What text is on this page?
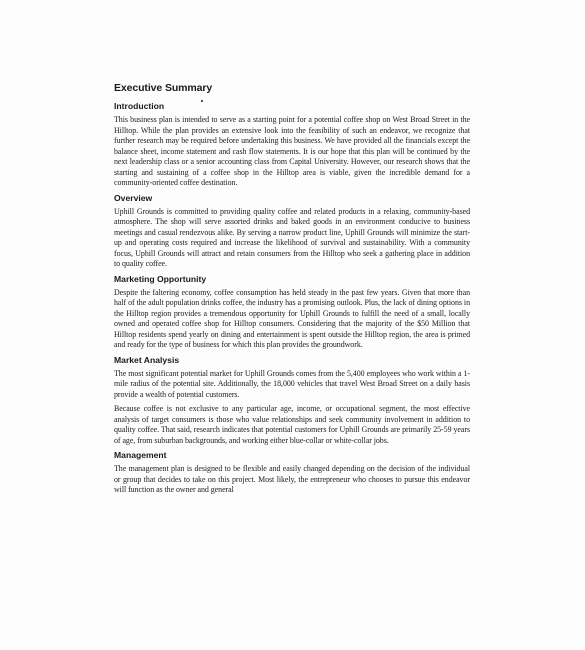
Executive Summary
Introduction

This business plan is intended to serve as a starting point for a potential coffee shop on West Broad Street in the Hilltop. While the plan provides an extensive look into the feasibility of such an endeavor, we recognize that further research may be required before undertaking this business. We have provided all the financials except the balance sheet, income statement and cash flow statements. It is our hope that this plan will be continued by the next leadership class or a senior accounting class from Capital University. However, our research shows that the starting and sustaining of a coffee shop in the Hilltop area is viable, given the incredible demand for a community-oriented coffee destination.

Overview

Uphill Grounds is committed to providing quality coffee and related products in a relaxing, community-based atmosphere. The shop will serve assorted drinks and baked goods in an environment conducive to business meetings and casual rendezvous alike. By serving a narrow product line, Uphill Grounds will minimize the start-up and operating costs required and increase the likelihood of survival and sustainability. With a community focus, Uphill Grounds will attract and retain consumers from the Hilltop who seek a gathering place in addition to quality coffee.

Marketing Opportunity

Despite the faltering economy, coffee consumption has held steady in the past few years. Given that more than half of the adult population drinks coffee, the industry has a promising outlook. Plus, the lack of dining options in the Hilltop region provides a tremendous opportunity for Uphill Grounds to fulfill the need of a small, locally owned and operated coffee shop for Hilltop consumers. Considering that the majority of the $50 Million that Hilltop residents spend yearly on dining and entertainment is spent outside the Hilltop region, the area is primed and ready for the type of business for which this plan provides the groundwork.

Market Analysis

The most significant potential market for Uphill Grounds comes from the 5,400 employees who work within a 1-mile radius of the potential site. Additionally, the 18,000 vehicles that travel West Broad Street on a daily basis provide a wealth of potential customers.

Because coffee is not exclusive to any particular age, income, or occupational segment, the most effective analysis of target consumers is those who value relationships and seek community involvement in addition to quality coffee. That said, research indicates that potential customers for Uphill Grounds are primarily 25-59 years of age, from suburban backgrounds, and working either blue-collar or white-collar jobs.

Management

The management plan is designed to be flexible and easily changed depending on the decision of the individual or group that decides to take on this project. Most likely, the entrepreneur who chooses to pursue this endeavor will function as the owner and general
